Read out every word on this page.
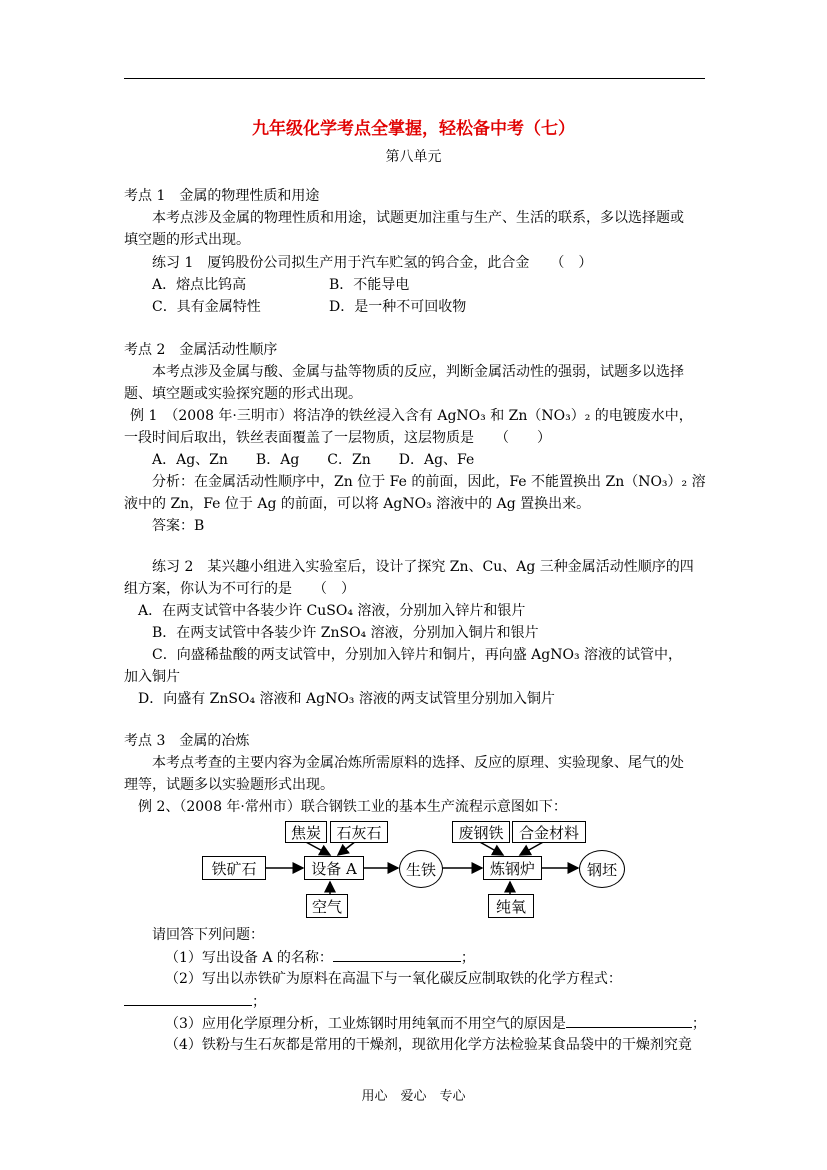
九年级化学考点全掌握，轻松备中考（七）
第八单元
考点 1　金属的物理性质和用途
本考点涉及金属的物理性质和用途，试题更加注重与生产、生活的联系，多以选择题或
填空题的形式出现。
练习 1　厦钨股份公司拟生产用于汽车贮氢的钨合金，此合金　　（　）
A．熔点比钨高	B．不能导电
C．具有金属特性	D．是一种不可回收物
考点 2　金属活动性顺序
本考点涉及金属与酸、金属与盐等物质的反应，判断金属活动性的强弱，试题多以选择
题、填空题或实验探究题的形式出现。
例 1　（2008 年·三明市）将洁净的铁丝浸入含有 AgNO₃ 和 Zn（NO₃）₂ 的电镀废水中，
一段时间后取出，铁丝表面覆盖了一层物质，这层物质是　　（　　）
A．Ag、Zn　　B．Ag　　C．Zn　　D．Ag、Fe
分析：在金属活动性顺序中，Zn 位于 Fe 的前面，因此，Fe 不能置换出 Zn（NO₃）₂ 溶
液中的 Zn，Fe 位于 Ag 的前面，可以将 AgNO₃ 溶液中的 Ag 置换出来。
答案：B
练习 2　某兴趣小组进入实验室后，设计了探究 Zn、Cu、Ag 三种金属活动性顺序的四
组方案，你认为不可行的是　　（　）
A．在两支试管中各装少许 CuSO₄ 溶液，分别加入锌片和银片
B．在两支试管中各装少许 ZnSO₄ 溶液，分别加入铜片和银片
C．向盛稀盐酸的两支试管中，分别加入锌片和铜片，再向盛 AgNO₃ 溶液的试管中，
加入铜片
D．向盛有 ZnSO₄ 溶液和 AgNO₃ 溶液的两支试管里分别加入铜片
考点 3　金属的冶炼
本考点考查的主要内容为金属冶炼所需原料的选择、反应的原理、实验现象、尾气的处
理等，试题多以实验题形式出现。
例 2、（2008 年·常州市）联合钢铁工业的基本生产流程示意图如下：
焦炭	石灰石
铁矿石	设备 A
空气
生铁
废钢铁	合金材料
炼钢炉
纯氧
钢坯
请回答下列问题：
（1）写出设备 A 的名称：	；
（2）写出以赤铁矿为原料在高温下与一氧化碳反应制取铁的化学方程式：
；
（3）应用化学原理分析，工业炼钢时用纯氧而不用空气的原因是	；
（4）铁粉与生石灰都是常用的干燥剂，现欲用化学方法检验某食品袋中的干燥剂究竟
用心　爱心　专心
